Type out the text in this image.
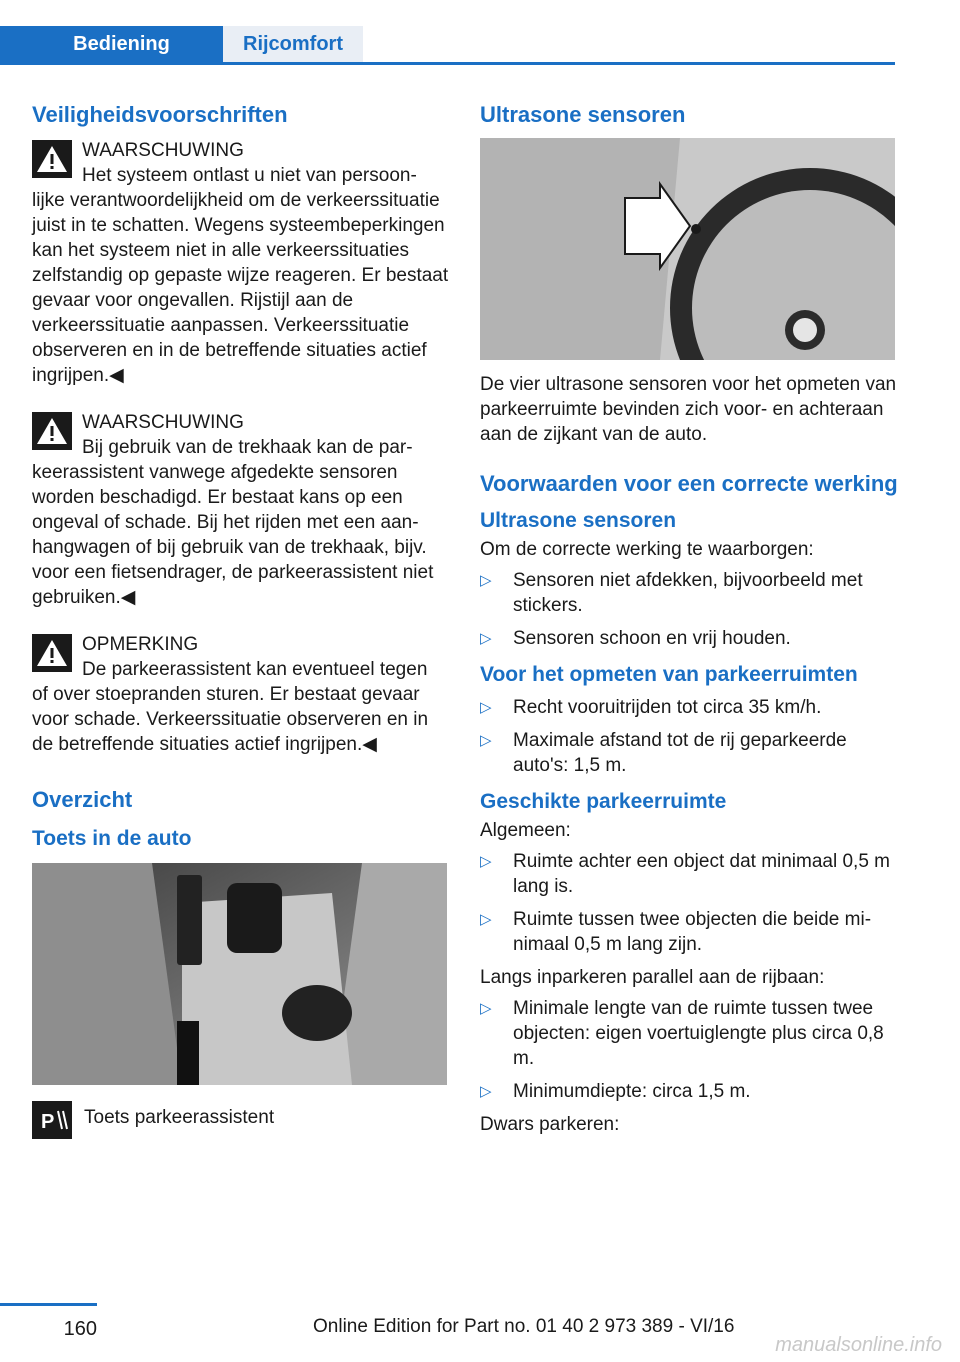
Bediening	Rijcomfort
Veiligheidsvoorschriften
WAARSCHUWING
Het systeem ontlast u niet van persoon-
lijke verantwoordelijkheid om de verkeerssituatie juist in te schatten. Wegens systeembeperkingen kan het systeem niet in alle verkeerssituaties zelfstandig op gepaste wijze reageren. Er bestaat gevaar voor ongevallen. Rijstijl aan de verkeerssituatie aanpassen. Verkeerssituatie observeren en in de betreffende situaties actief ingrijpen.◀
WAARSCHUWING
Bij gebruik van de trekhaak kan de par-
keerassistent vanwege afgedekte sensoren worden beschadigd. Er bestaat kans op een ongeval of schade. Bij het rijden met een aanhangwagen of bij gebruik van de trekhaak, bijv. voor een fietsendrager, de parkeerassistent niet gebruiken.◀
OPMERKING
De parkeerassistent kan eventueel tegen
of over stoepranden sturen. Er bestaat gevaar voor schade. Verkeerssituatie observeren en in de betreffende situaties actief ingrijpen.◀
Overzicht
Toets in de auto
P Toets parkeerassistent
Ultrasone sensoren

De vier ultrasone sensoren voor het opmeten van parkeerruimte bevinden zich voor- en achteraan aan de zijkant van de auto.

Voorwaarden voor een correcte werking
Ultrasone sensoren

Om de correcte werking te waarborgen:

▷ Sensoren niet afdekken, bijvoorbeeld met stickers.
▷ Sensoren schoon en vrij houden.
Voor het opmeten van parkeerruimten
▷ Recht vooruitrijden tot circa 35 km/h.
▷ Maximale afstand tot de rij geparkeerde auto's: 1,5 m.
Geschikte parkeerruimte

Algemeen:

▷ Ruimte achter een object dat minimaal 0,5 m lang is.
▷ Ruimte tussen twee objecten die beide minimaal 0,5 m lang zijn.

Langs inparkeren parallel aan de rijbaan:

▷ Minimale lengte van de ruimte tussen twee objecten: eigen voertuiglengte plus circa 0,8 m.
▷ Minimumdiepte: circa 1,5 m.

Dwars parkeren:

160	Online Edition for Part no. 01 40 2 973 389 - VI/16
manualsonline.info
